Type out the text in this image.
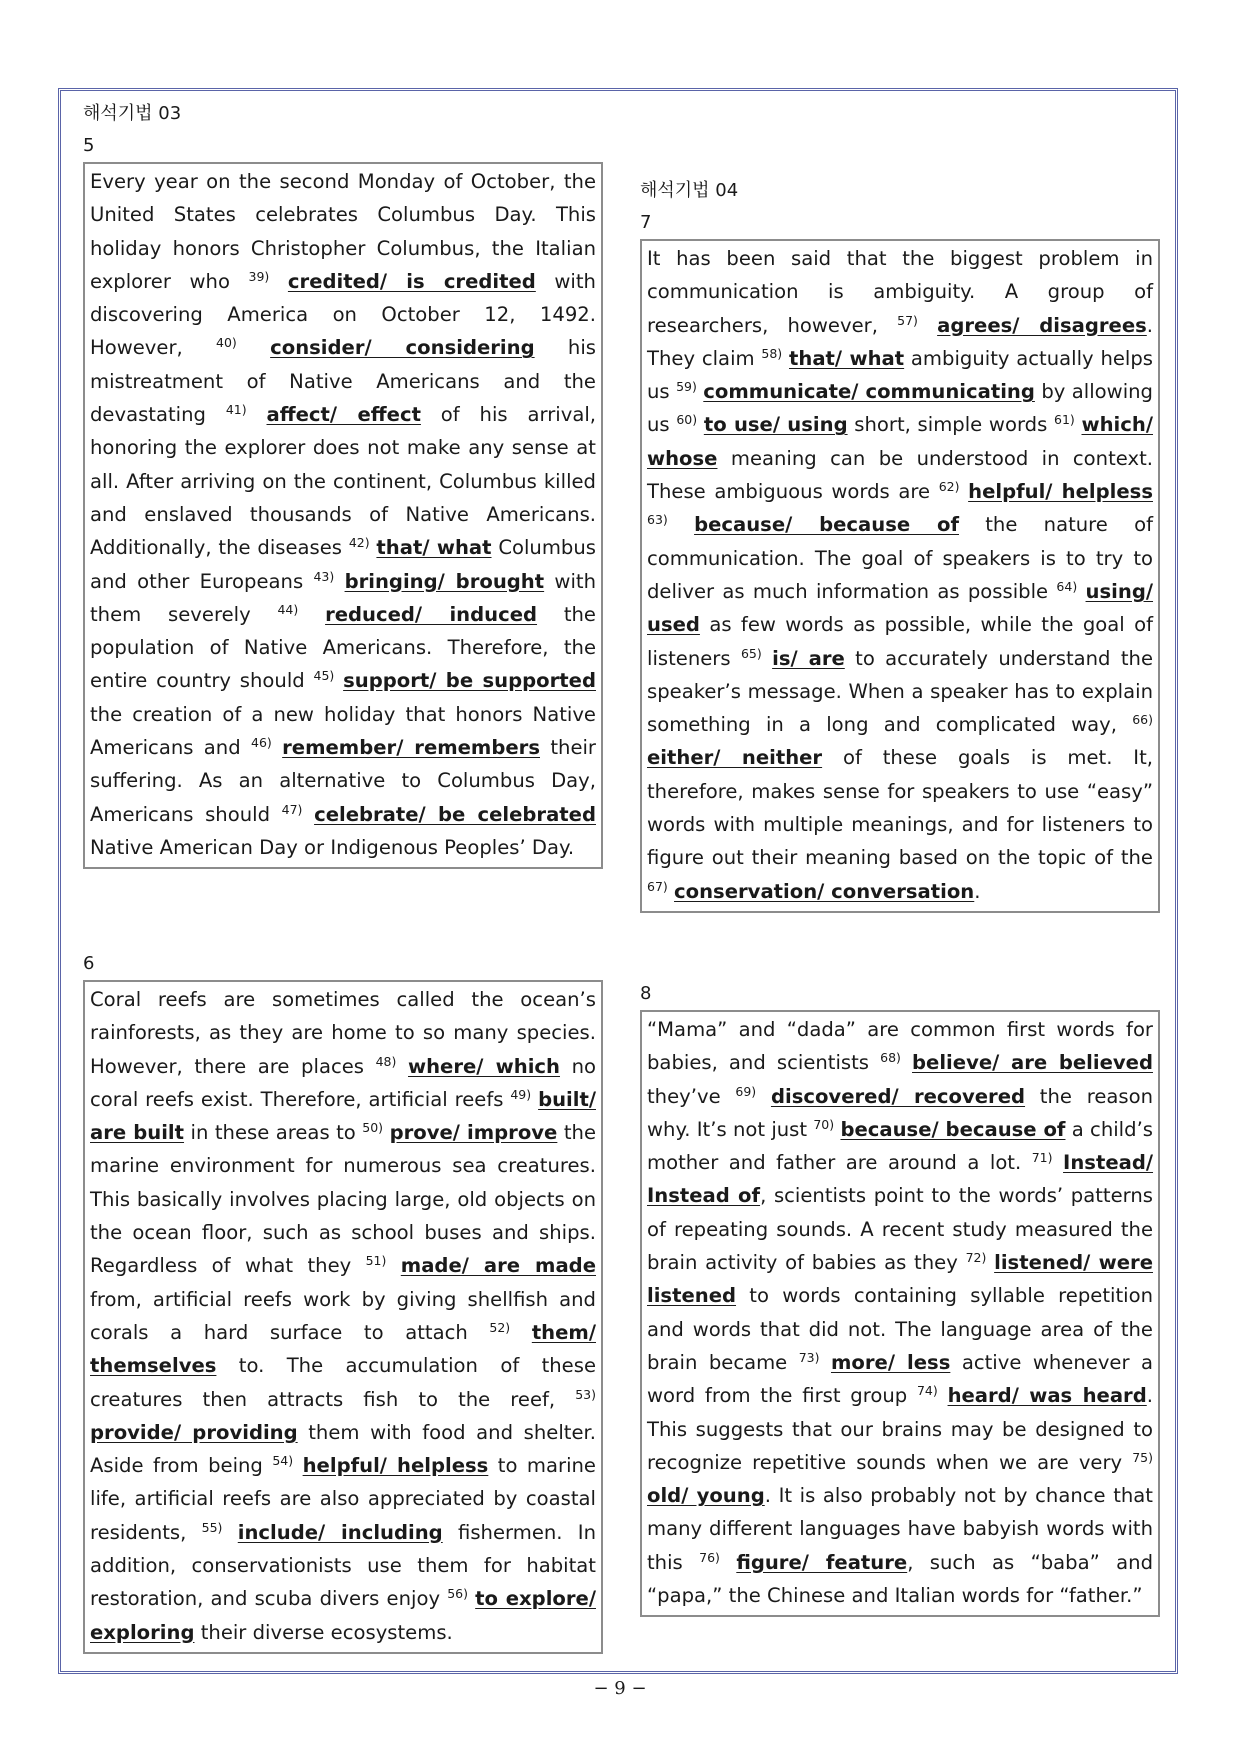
해석기법 03
5
Every year on the second Monday of October, the United States celebrates Columbus Day. This holiday honors Christopher Columbus, the Italian explorer who $^{39)}$ credited/ is credited with discovering America on October 12, 1492. However, $^{40)}$ consider/ considering his mistreatment of Native Americans and the devastating $^{41)}$ affect/ effect of his arrival, honoring the explorer does not make any sense at all. After arriving on the continent, Columbus killed and enslaved thousands of Native Americans. Additionally, the diseases $^{42)}$ that/ what Columbus and other Europeans $^{43)}$ bringing/ brought with them severely $^{44)}$ reduced/ induced the population of Native Americans. Therefore, the entire country should $^{45)}$ support/ be supported the creation of a new holiday that honors Native Americans and $^{46)}$ remember/ remembers their suffering. As an alternative to Columbus Day, Americans should $^{47)}$ celebrate/ be celebrated Native American Day or Indigenous Peoples’ Day.
해석기법 04
7
It has been said that the biggest problem in communication is ambiguity. A group of researchers, however, $^{57)}$ agrees/ disagrees. They claim $^{58)}$ that/ what ambiguity actually helps us $^{59)}$ communicate/ communicating by allowing us $^{60)}$ to use/ using short, simple words $^{61)}$ which/ whose meaning can be understood in context. These ambiguous words are $^{62)}$ helpful/ helpless $^{63)}$ because/ because of the nature of communication. The goal of speakers is to try to deliver as much information as possible $^{64)}$ using/ used as few words as possible, while the goal of listeners $^{65)}$ is/ are to accurately understand the speaker’s message. When a speaker has to explain something in a long and complicated way, $^{66)}$ either/ neither of these goals is met. It, therefore, makes sense for speakers to use “easy” words with multiple meanings, and for listeners to figure out their meaning based on the topic of the $^{67)}$ conservation/ conversation.
6
Coral reefs are sometimes called the ocean’s rainforests, as they are home to so many species. However, there are places $^{48)}$ where/ which no coral reefs exist. Therefore, artificial reefs $^{49)}$ built/ are built in these areas to $^{50)}$ prove/ improve the marine environment for numerous sea creatures. This basically involves placing large, old objects on the ocean floor, such as school buses and ships. Regardless of what they $^{51)}$ made/ are made from, artificial reefs work by giving shellfish and corals a hard surface to attach $^{52)}$ them/ themselves to. The accumulation of these creatures then attracts fish to the reef, $^{53)}$ provide/ providing them with food and shelter. Aside from being $^{54)}$ helpful/ helpless to marine life, artificial reefs are also appreciated by coastal residents, $^{55)}$ include/ including fishermen. In addition, conservationists use them for habitat restoration, and scuba divers enjoy $^{56)}$ to explore/ exploring their diverse ecosystems.
8
“Mama” and “dada” are common first words for babies, and scientists $^{68)}$ believe/ are believed they’ve $^{69)}$ discovered/ recovered the reason why. It’s not just $^{70)}$ because/ because of a child’s mother and father are around a lot. $^{71)}$ Instead/ Instead of, scientists point to the words’ patterns of repeating sounds. A recent study measured the brain activity of babies as they $^{72)}$ listened/ were listened to words containing syllable repetition and words that did not. The language area of the brain became $^{73)}$ more/ less active whenever a word from the first group $^{74)}$ heard/ was heard. This suggests that our brains may be designed to recognize repetitive sounds when we are very $^{75)}$ old/ young. It is also probably not by chance that many different languages have babyish words with this $^{76)}$ figure/ feature, such as “baba” and “papa,” the Chinese and Italian words for “father.”
− 9 −
